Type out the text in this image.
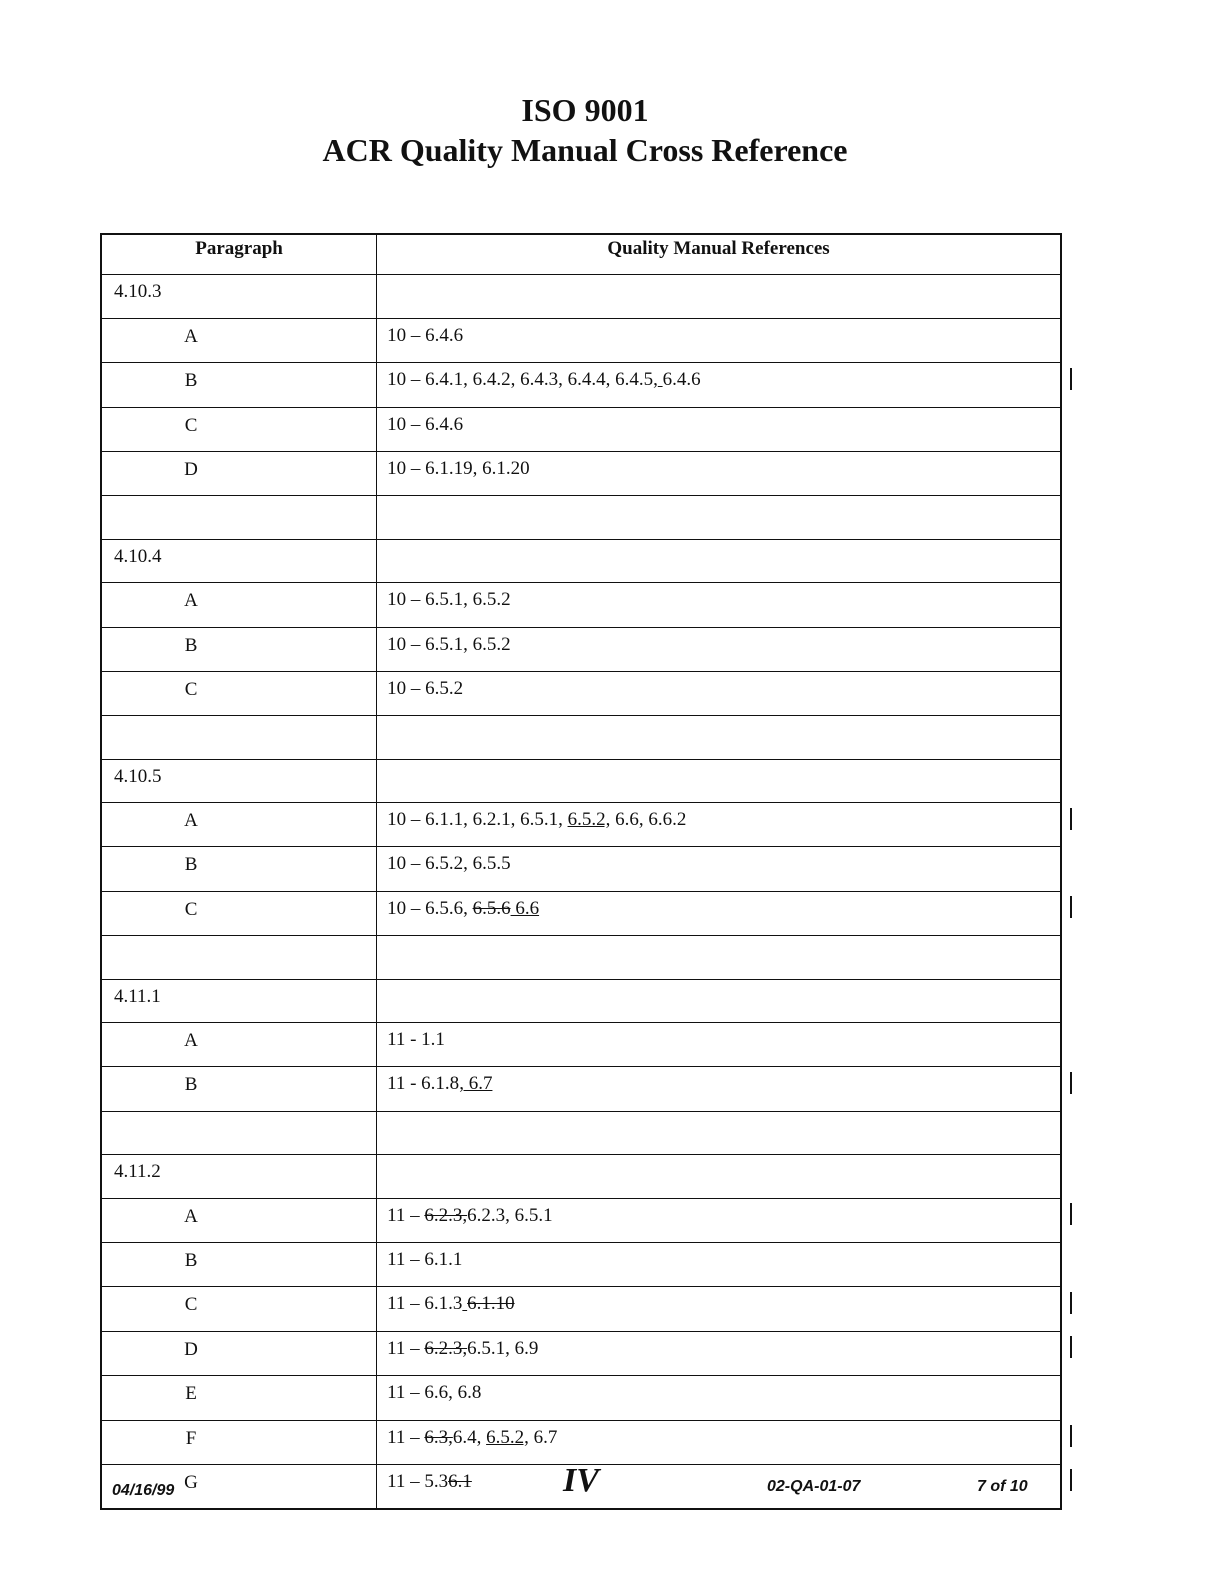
ISO 9001
ACR Quality Manual Cross Reference
Paragraph	Quality Manual References
4.10.3	
A	10 – 6.4.6
B	10 – 6.4.1, 6.4.2, 6.4.3, 6.4.4, 6.4.5, 6.4.6
C	10 – 6.4.6
D	10 – 6.1.19, 6.1.20

4.10.4	
A	10 – 6.5.1, 6.5.2
B	10 – 6.5.1, 6.5.2
C	10 – 6.5.2

4.10.5	
A	10 – 6.1.1, 6.2.1, 6.5.1, 6.5.2, 6.6, 6.6.2
B	10 – 6.5.2, 6.5.5
C	10 – 6.5.6, 6.5.6 6.6

4.11.1	
A	11 - 1.1
B	11 - 6.1.8, 6.7

4.11.2	
A	11 – 6.2.3,6.2.3, 6.5.1
B	11 – 6.1.1
C	11 – 6.1.3 6.1.10
D	11 – 6.2.3,6.5.1, 6.9
E	11 – 6.6, 6.8
F	11 – 6.3,6.4, 6.5.2, 6.7
G	11 – 5.36.1
04/16/99	IV	02-QA-01-07	7 of 10
